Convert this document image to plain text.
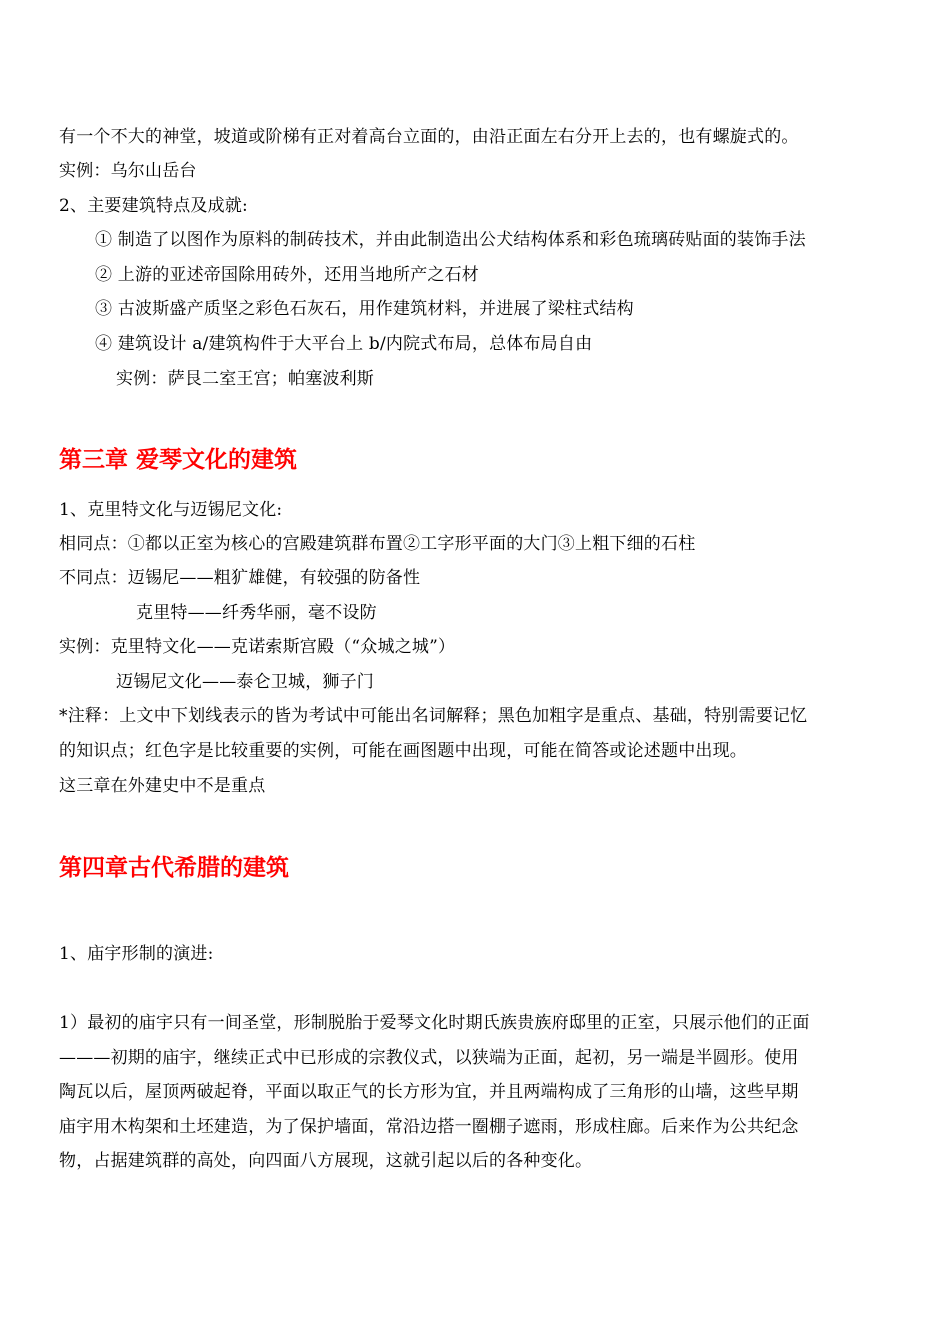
有一个不大的神堂，坡道或阶梯有正对着高台立面的，由沿正面左右分开上去的，也有螺旋式的。
实例：乌尔山岳台
2、主要建筑特点及成就:
① 制造了以图作为原料的制砖技术，并由此制造出公犬结构体系和彩色琉璃砖贴面的装饰手法
② 上游的亚述帝国除用砖外，还用当地所产之石材
③ 古波斯盛产质坚之彩色石灰石，用作建筑材料，并进展了梁柱式结构
④ 建筑设计 a/建筑构件于大平台上 b/内院式布局，总体布局自由
实例：萨艮二室王宫；帕塞波利斯
第三章 爱琴文化的建筑
1、克里特文化与迈锡尼文化:
相同点：①都以正室为核心的宫殿建筑群布置②工字形平面的大门③上粗下细的石柱
不同点：迈锡尼——粗犷雄健，有较强的防备性
克里特——纤秀华丽，毫不设防
实例：克里特文化——克诺索斯宫殿（“众城之城”）
迈锡尼文化——泰仑卫城，狮子门
*注释：上文中下划线表示的皆为考试中可能出名词解释；黑色加粗字是重点、基础，特别需要记忆
的知识点；红色字是比较重要的实例，可能在画图题中出现，可能在简答或论述题中出现。
这三章在外建史中不是重点
第四章古代希腊的建筑
1、庙宇形制的演进:
1）最初的庙宇只有一间圣堂，形制脱胎于爱琴文化时期氏族贵族府邸里的正室，只展示他们的正面
———初期的庙宇，继续正式中已形成的宗教仪式，以狭端为正面，起初，另一端是半圆形。使用
陶瓦以后，屋顶两破起脊，平面以取正气的长方形为宜，并且两端构成了三角形的山墙，这些早期
庙宇用木构架和土坯建造，为了保护墙面，常沿边搭一圈棚子遮雨，形成柱廊。后来作为公共纪念
物，占据建筑群的高处，向四面八方展现，这就引起以后的各种变化。
